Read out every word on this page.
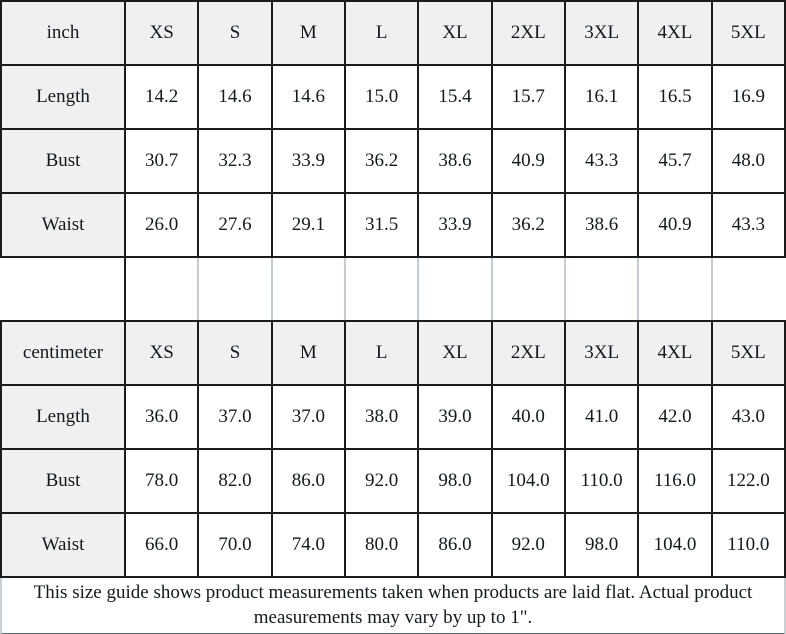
inch	XS	S	M	L	XL	2XL	3XL	4XL	5XL
Length	14.2	14.6	14.6	15.0	15.4	15.7	16.1	16.5	16.9
Bust	30.7	32.3	33.9	36.2	38.6	40.9	43.3	45.7	48.0
Waist	26.0	27.6	29.1	31.5	33.9	36.2	38.6	40.9	43.3

centimeter	XS	S	M	L	XL	2XL	3XL	4XL	5XL
Length	36.0	37.0	37.0	38.0	39.0	40.0	41.0	42.0	43.0
Bust	78.0	82.0	86.0	92.0	98.0	104.0	110.0	116.0	122.0
Waist	66.0	70.0	74.0	80.0	86.0	92.0	98.0	104.0	110.0
This size guide shows product measurements taken when products are laid flat. Actual product measurements may vary by up to 1".
